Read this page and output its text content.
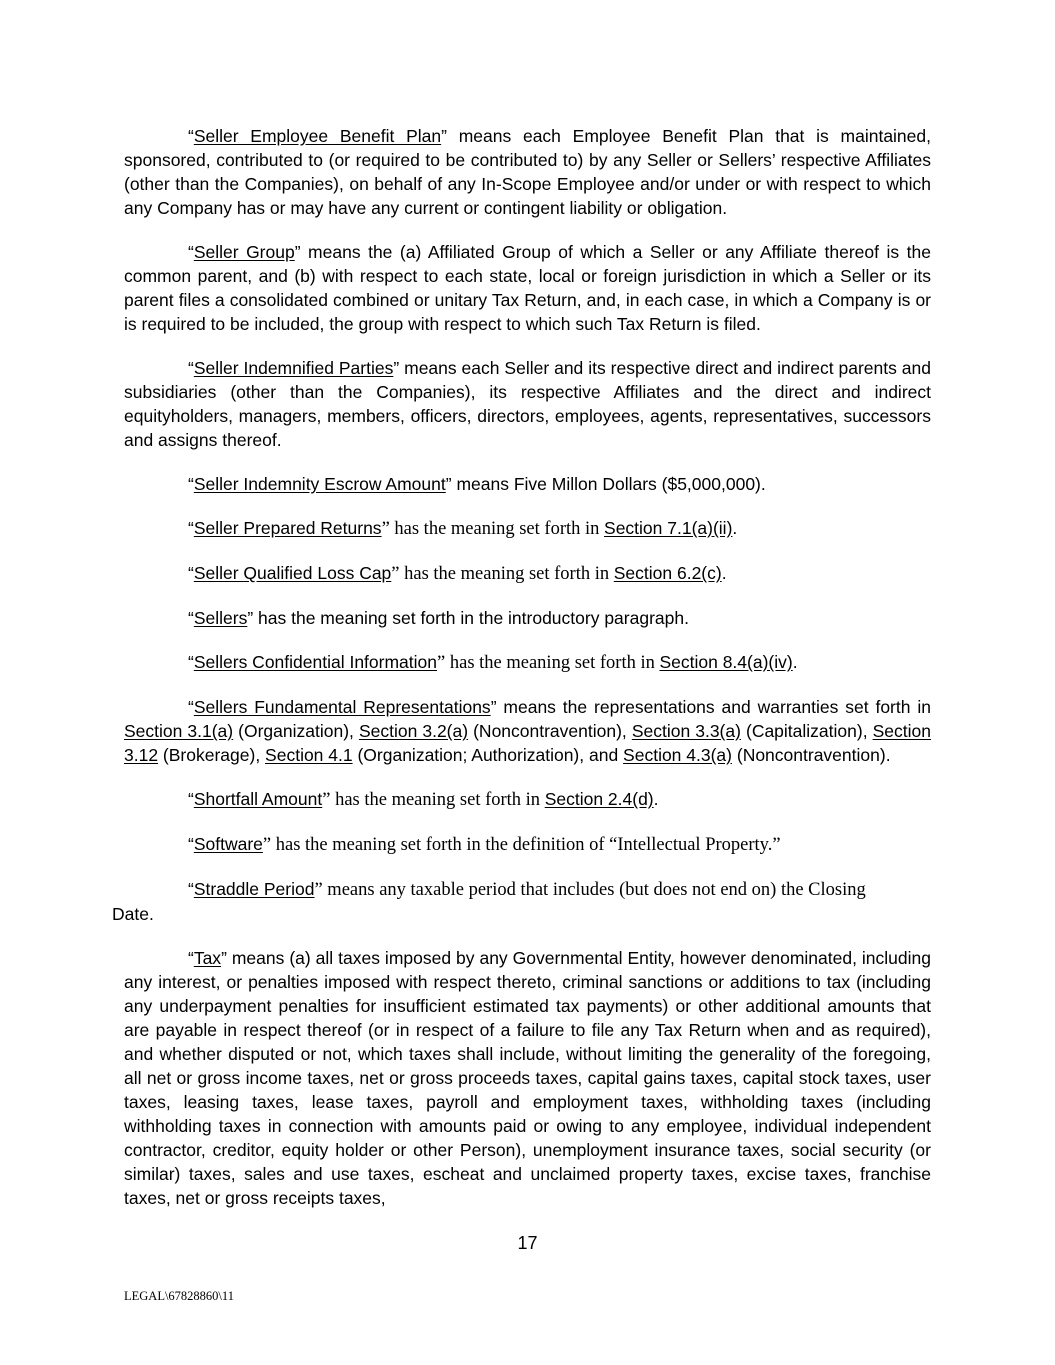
“Seller Employee Benefit Plan” means each Employee Benefit Plan that is maintained, sponsored, contributed to (or required to be contributed to) by any Seller or Sellers’ respective Affiliates (other than the Companies), on behalf of any In-Scope Employee and/or under or with respect to which any Company has or may have any current or contingent liability or obligation.

“Seller Group” means the (a) Affiliated Group of which a Seller or any Affiliate thereof is the common parent, and (b) with respect to each state, local or foreign jurisdiction in which a Seller or its parent files a consolidated combined or unitary Tax Return, and, in each case, in which a Company is or is required to be included, the group with respect to which such Tax Return is filed.

“Seller Indemnified Parties” means each Seller and its respective direct and indirect parents and subsidiaries (other than the Companies), its respective Affiliates and the direct and indirect equityholders, managers, members, officers, directors, employees, agents, representatives, successors and assigns thereof.

“Seller Indemnity Escrow Amount” means Five Millon Dollars ($5,000,000).

“Seller Prepared Returns” has the meaning set forth in Section 7.1(a)(ii).

“Seller Qualified Loss Cap” has the meaning set forth in Section 6.2(c).

“Sellers” has the meaning set forth in the introductory paragraph.

“Sellers Confidential Information” has the meaning set forth in Section 8.4(a)(iv).

“Sellers Fundamental Representations” means the representations and warranties set forth in Section 3.1(a) (Organization), Section 3.2(a) (Noncontravention), Section 3.3(a) (Capitalization), Section 3.12 (Brokerage), Section 4.1 (Organization; Authorization), and Section 4.3(a) (Noncontravention).

“Shortfall Amount” has the meaning set forth in Section 2.4(d).

“Software” has the meaning set forth in the definition of “Intellectual Property.”

“Straddle Period” means any taxable period that includes (but does not end on) the Closing
Date.

“Tax” means (a) all taxes imposed by any Governmental Entity, however denominated, including any interest, or penalties imposed with respect thereto, criminal sanctions or additions to tax (including any underpayment penalties for insufficient estimated tax payments) or other additional amounts that are payable in respect thereof (or in respect of a failure to file any Tax Return when and as required), and whether disputed or not, which taxes shall include, without limiting the generality of the foregoing, all net or gross income taxes, net or gross proceeds taxes, capital gains taxes, capital stock taxes, user taxes, leasing taxes, lease taxes, payroll and employment taxes, withholding taxes (including withholding taxes in connection with amounts paid or owing to any employee, individual independent contractor, creditor, equity holder or other Person), unemployment insurance taxes, social security (or similar) taxes, sales and use taxes, escheat and unclaimed property taxes, excise taxes, franchise taxes, net or gross receipts taxes,

17
LEGAL\67828860\11
